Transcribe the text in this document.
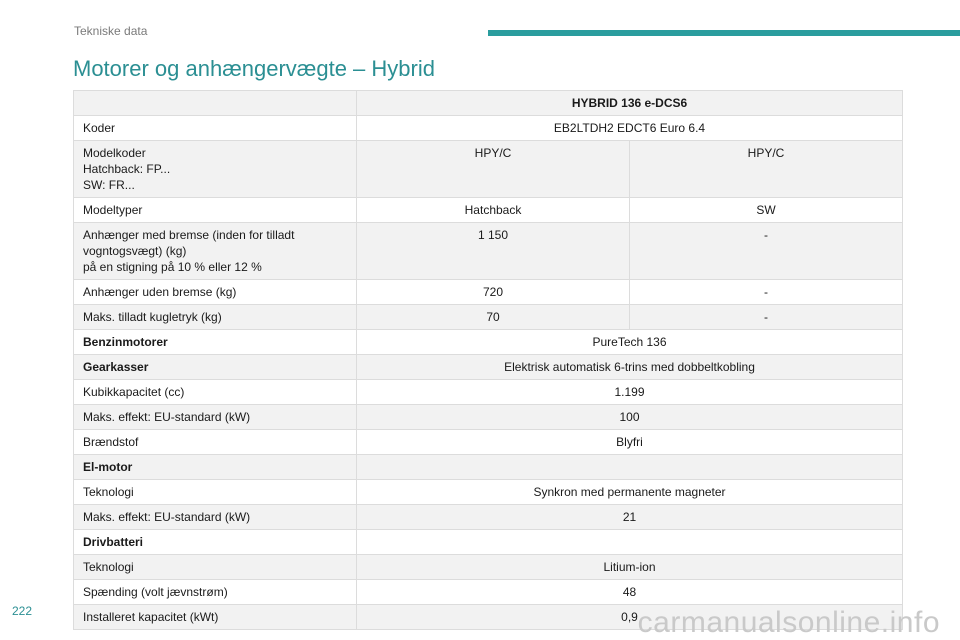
Tekniske data
Motorer og anhængervægte – Hybrid
	HYBRID 136 e-DCS6	
Koder	EB2LTDH2 EDCT6 Euro 6.4	
Modelkoder
Hatchback: FP...
SW: FR...	HPY/C	HPY/C
Modeltyper	Hatchback	SW
Anhænger med bremse (inden for tilladt
vogntogsvægt) (kg)
på en stigning på 10 % eller 12 %	1 150	-
Anhænger uden bremse (kg)	720	-
Maks. tilladt kugletryk (kg)	70	-
Benzinmotorer	PureTech 136	
Gearkasser	Elektrisk automatisk 6-trins med dobbeltkobling	
Kubikkapacitet (cc)	1.199	
Maks. effekt: EU-standard (kW)	100	
Brændstof	Blyfri	
El-motor		
Teknologi	Synkron med permanente magneter	
Maks. effekt: EU-standard (kW)	21	
Drivbatteri		
Teknologi	Litium-ion	
Spænding (volt jævnstrøm)	48	
Installeret kapacitet (kWt)	0,9	
222	carmanualsonline.info
